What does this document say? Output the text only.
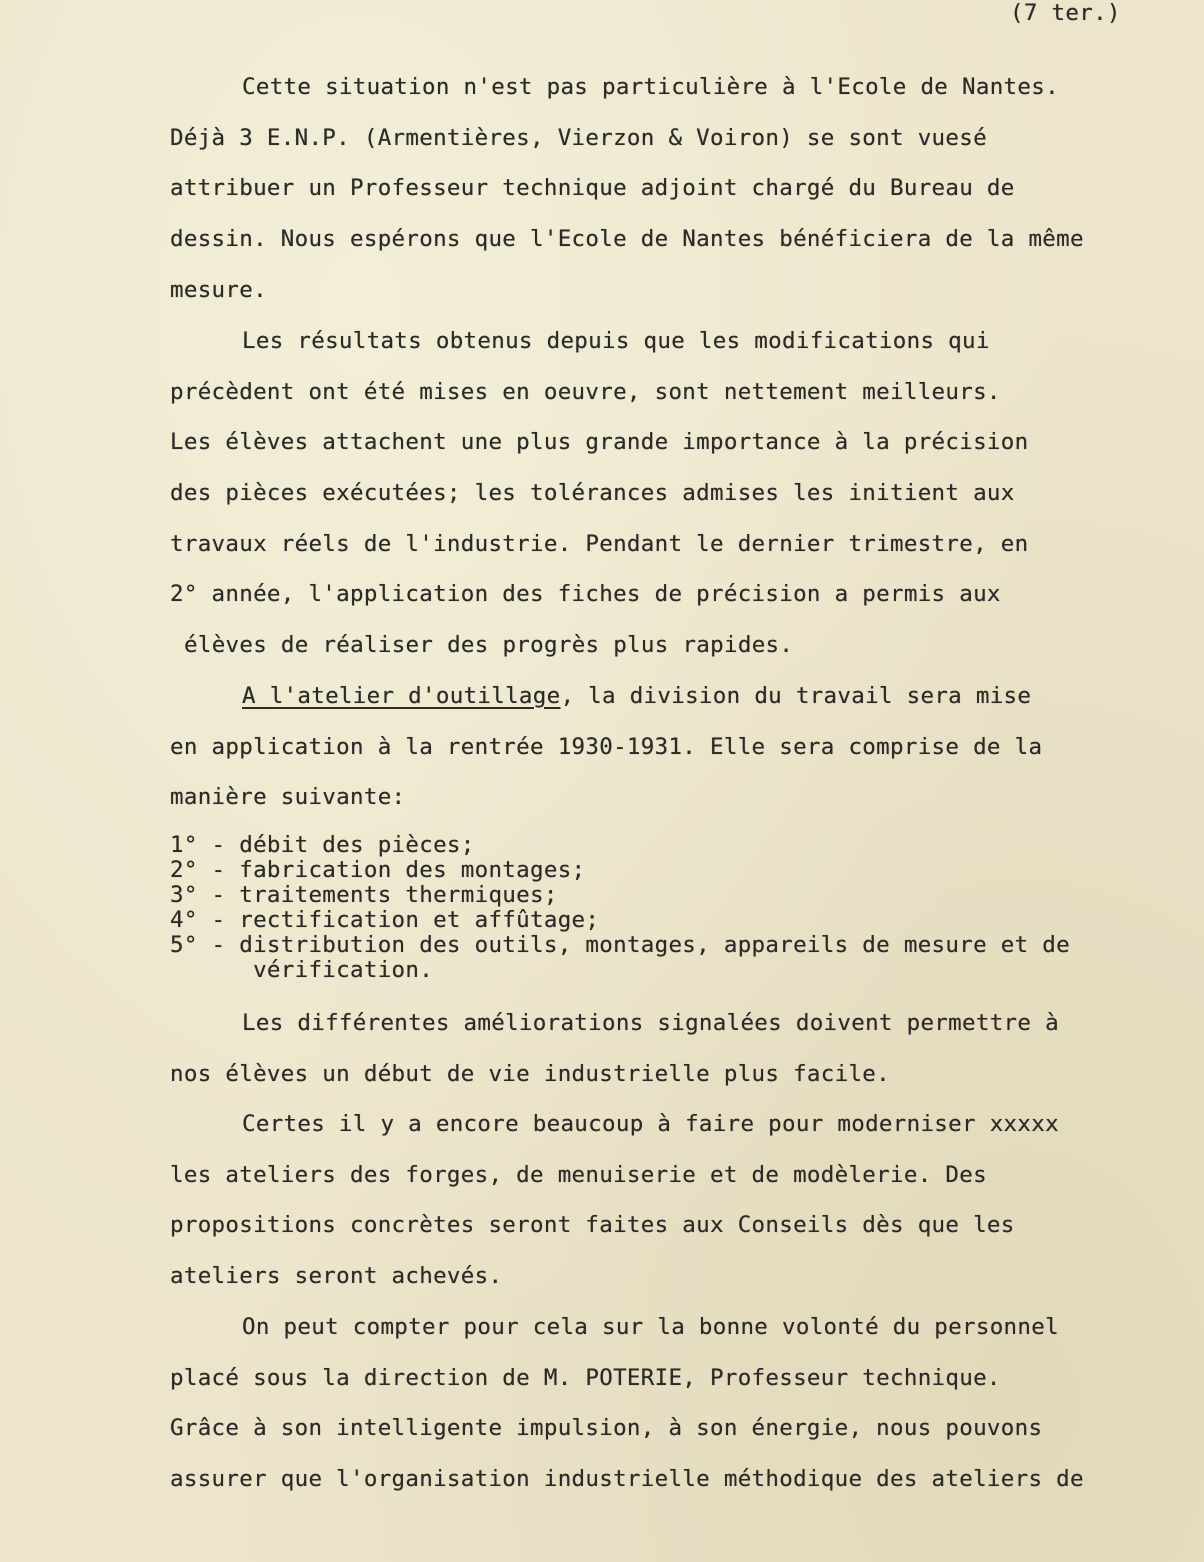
(7 ter.)
Cette situation n'est pas particulière à l'Ecole de Nantes.
Déjà 3 E.N.P. (Armentières, Vierzon & Voiron) se sont vuesé
attribuer un Professeur technique adjoint chargé du Bureau de
dessin. Nous espérons que l'Ecole de Nantes bénéficiera de la même
mesure.
Les résultats obtenus depuis que les modifications qui
précèdent ont été mises en oeuvre, sont nettement meilleurs.
Les élèves attachent une plus grande importance à la précision
des pièces exécutées; les tolérances admises les initient aux
travaux réels de l'industrie. Pendant le dernier trimestre, en
2° année, l'application des fiches de précision a permis aux
élèves de réaliser des progrès plus rapides.
A l'atelier d'outillage, la division du travail sera mise
en application à la rentrée 1930-1931. Elle sera comprise de la
manière suivante:
1° - débit des pièces;
2° - fabrication des montages;
3° - traitements thermiques;
4° - rectification et affûtage;
5° - distribution des outils, montages, appareils de mesure et de
vérification.
Les différentes améliorations signalées doivent permettre à
nos élèves un début de vie industrielle plus facile.
Certes il y a encore beaucoup à faire pour moderniser xxxxx
les ateliers des forges, de menuiserie et de modèlerie. Des
propositions concrètes seront faites aux Conseils dès que les
ateliers seront achevés.
On peut compter pour cela sur la bonne volonté du personnel
placé sous la direction de M. POTERIE, Professeur technique.
Grâce à son intelligente impulsion, à son énergie, nous pouvons
assurer que l'organisation industrielle méthodique des ateliers de
